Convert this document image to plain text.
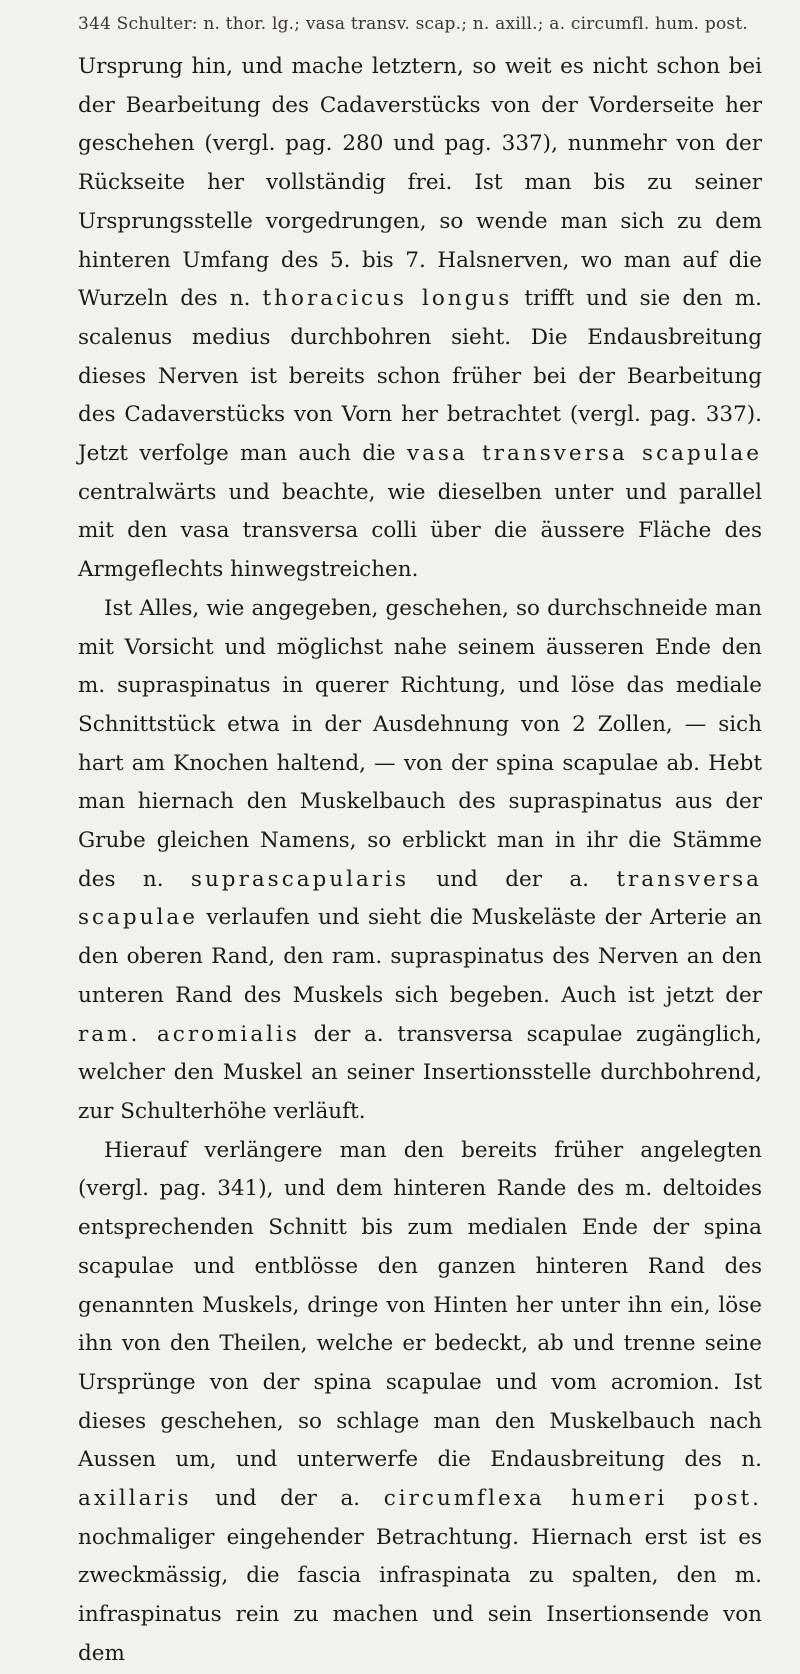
344 Schulter: n. thor. lg.; vasa transv. scap.; n. axill.; a. circumfl. hum. post.

Ursprung hin, und mache letztern, so weit es nicht schon bei der Bearbeitung des Cadaverstücks von der Vorderseite her geschehen (vergl. pag. 280 und pag. 337), nunmehr von der Rückseite her vollständig frei. Ist man bis zu seiner Ursprungsstelle vorgedrungen, so wende man sich zu dem hinteren Umfang des 5. bis 7. Halsnerven, wo man auf die Wurzeln des n. thoracicus longus trifft und sie den m. scalenus medius durchbohren sieht. Die Endausbreitung dieses Nerven ist bereits schon früher bei der Bearbeitung des Cadaverstücks von Vorn her betrachtet (vergl. pag. 337). Jetzt verfolge man auch die vasa transversa scapulae centralwärts und beachte, wie dieselben unter und parallel mit den vasa transversa colli über die äussere Fläche des Armgeflechts hinwegstreichen.

Ist Alles, wie angegeben, geschehen, so durchschneide man mit Vorsicht und möglichst nahe seinem äusseren Ende den m. supraspinatus in querer Richtung, und löse das mediale Schnittstück etwa in der Ausdehnung von 2 Zollen, — sich hart am Knochen haltend, — von der spina scapulae ab. Hebt man hiernach den Muskelbauch des supraspinatus aus der Grube gleichen Namens, so erblickt man in ihr die Stämme des n. suprascapularis und der a. transversa scapulae verlaufen und sieht die Muskeläste der Arterie an den oberen Rand, den ram. supraspinatus des Nerven an den unteren Rand des Muskels sich begeben. Auch ist jetzt der ram. acromialis der a. transversa scapulae zugänglich, welcher den Muskel an seiner Insertionsstelle durchbohrend, zur Schulterhöhe verläuft.

Hierauf verlängere man den bereits früher angelegten (vergl. pag. 341), und dem hinteren Rande des m. deltoides entsprechenden Schnitt bis zum medialen Ende der spina scapulae und entblösse den ganzen hinteren Rand des genannten Muskels, dringe von Hinten her unter ihn ein, löse ihn von den Theilen, welche er bedeckt, ab und trenne seine Ursprünge von der spina scapulae und vom acromion. Ist dieses geschehen, so schlage man den Muskelbauch nach Aussen um, und unterwerfe die Endausbreitung des n. axillaris und der a. circumflexa humeri post. nochmaliger eingehender Betrachtung. Hiernach erst ist es zweckmässig, die fascia infraspinata zu spalten, den m. infraspinatus rein zu machen und sein Insertionsende von dem
